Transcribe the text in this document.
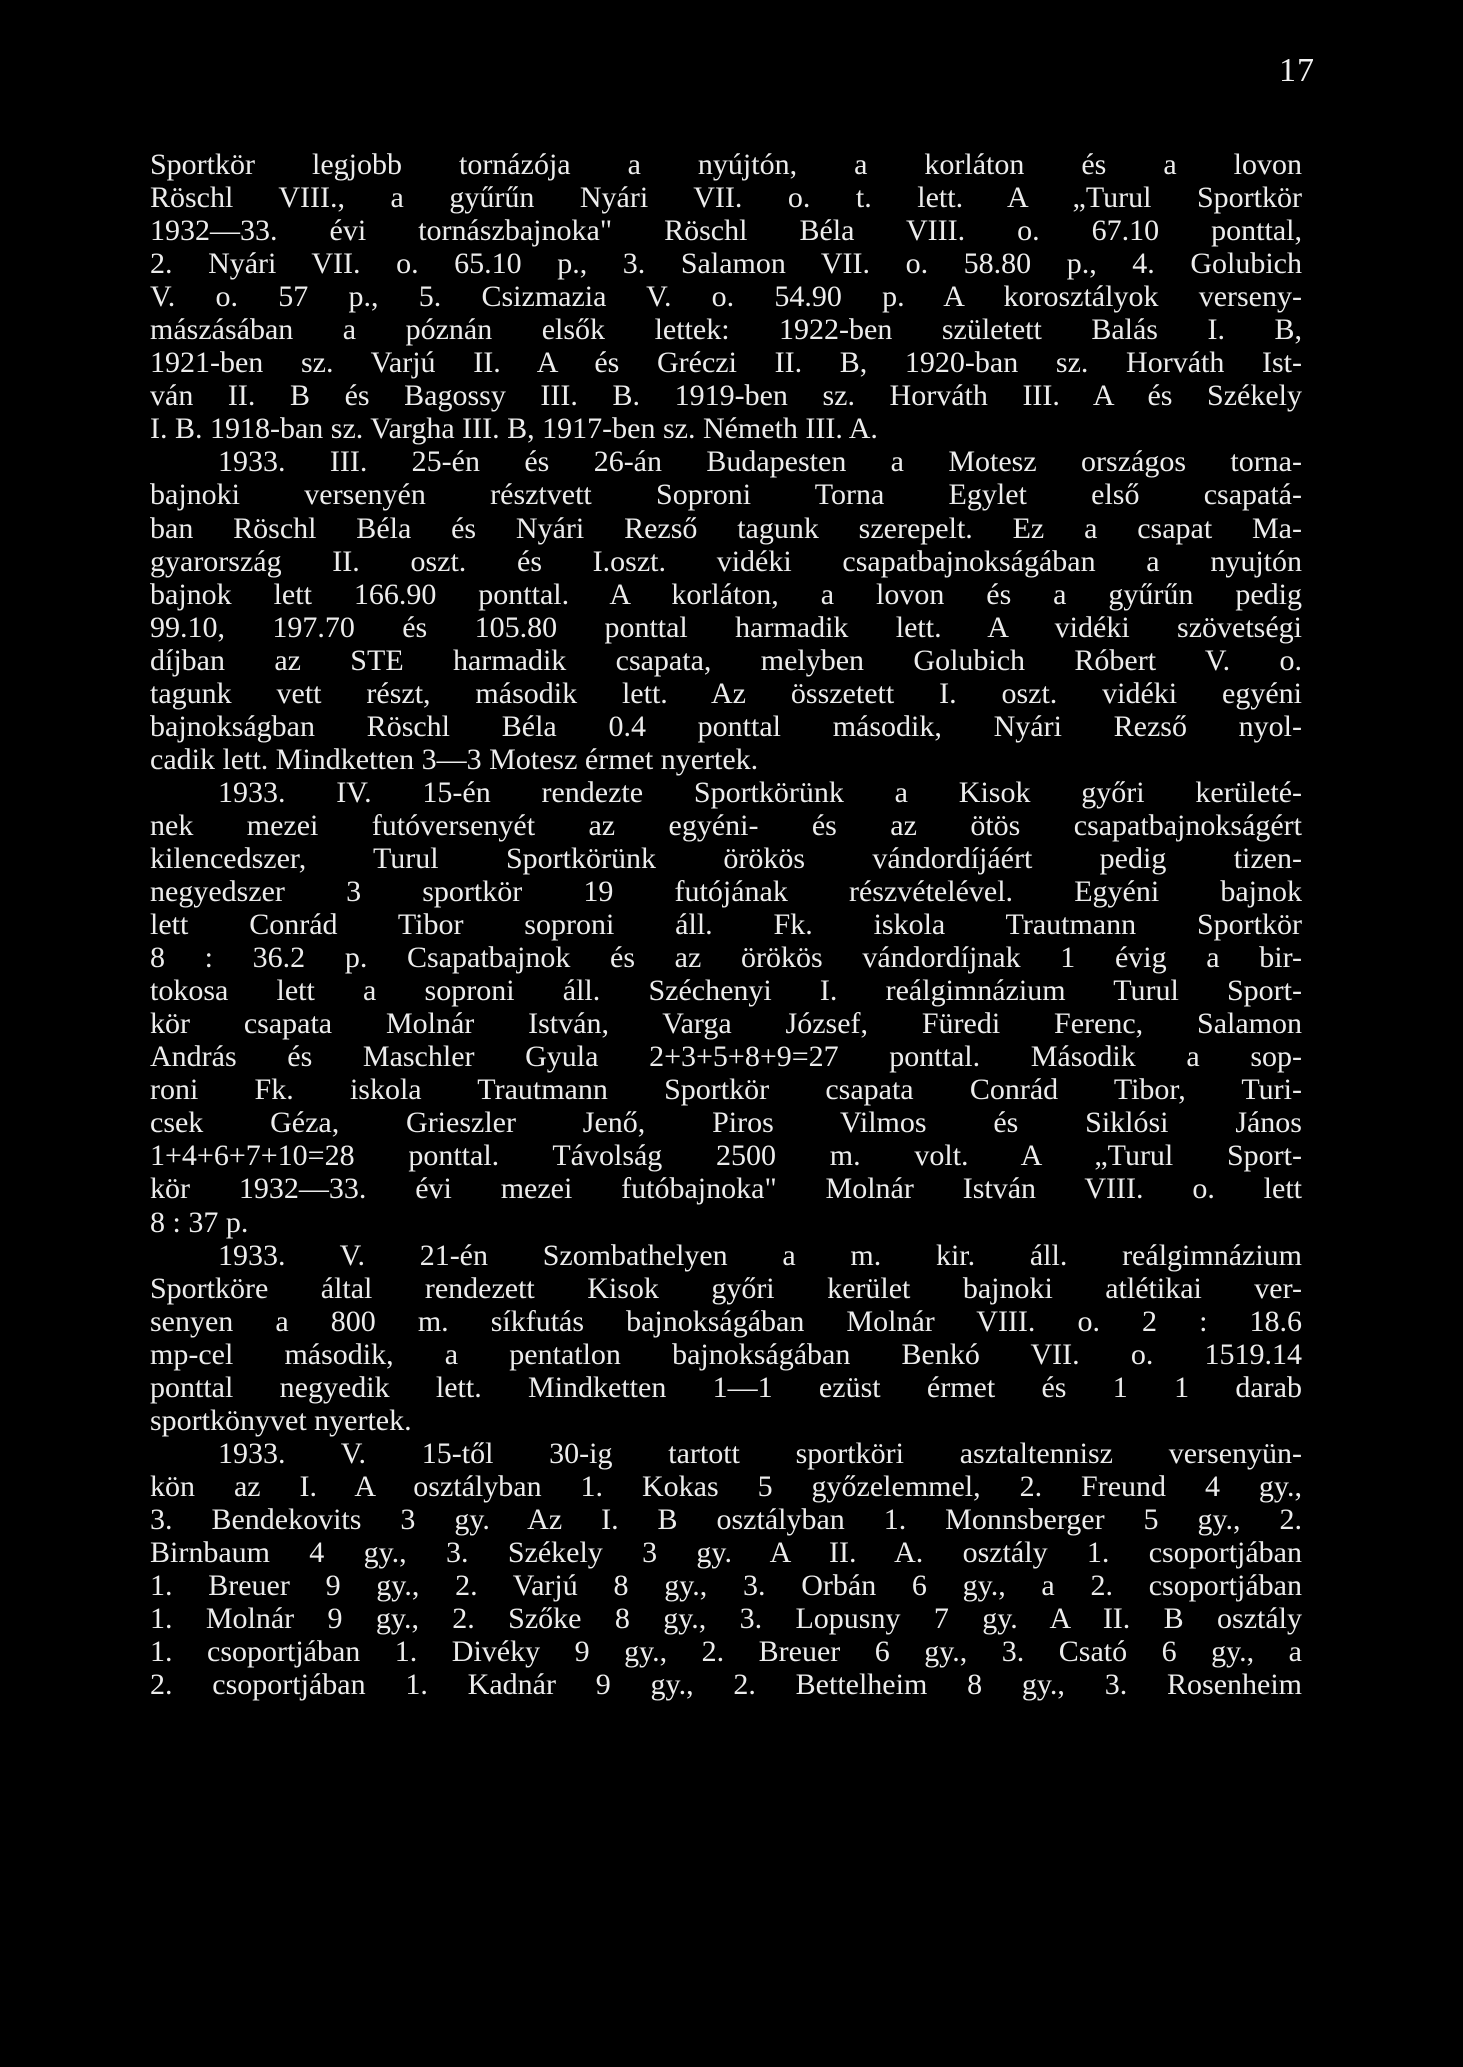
17
Sportkör legjobb tornázója a nyújtón, a korláton és a lovon
Röschl VIII., a gyűrűn Nyári VII. o. t. lett. A „Turul Sportkör
1932—33. évi tornászbajnoka" Röschl Béla VIII. o. 67.10 ponttal,
2. Nyári VII. o. 65.10 p., 3. Salamon VII. o. 58.80 p., 4. Golubich
V. o. 57 p., 5. Csizmazia V. o. 54.90 p. A korosztályok verseny-
mászásában a póznán elsők lettek: 1922-ben született Balás I. B,
1921-ben sz. Varjú II. A és Gréczi II. B, 1920-ban sz. Horváth Ist-
ván II. B és Bagossy III. B. 1919-ben sz. Horváth III. A és Székely
I. B. 1918-ban sz. Vargha III. B, 1917-ben sz. Németh III. A.
1933. III. 25-én és 26-án Budapesten a Motesz országos torna-
bajnoki versenyén résztvett Soproni Torna Egylet első csapatá-
ban Röschl Béla és Nyári Rezső tagunk szerepelt. Ez a csapat Ma-
gyarország II. oszt. és I.oszt. vidéki csapatbajnokságában a nyujtón
bajnok lett 166.90 ponttal. A korláton, a lovon és a gyűrűn pedig
99.10, 197.70 és 105.80 ponttal harmadik lett. A vidéki szövetségi
díjban az STE harmadik csapata, melyben Golubich Róbert V. o.
tagunk vett részt, második lett. Az összetett I. oszt. vidéki egyéni
bajnokságban Röschl Béla 0.4 ponttal második, Nyári Rezső nyol-
cadik lett. Mindketten 3—3 Motesz érmet nyertek.
1933. IV. 15-én rendezte Sportkörünk a Kisok győri kerületé-
nek mezei futóversenyét az egyéni- és az ötös csapatbajnokságért
kilencedszer, Turul Sportkörünk örökös vándordíjáért pedig tizen-
negyedszer 3 sportkör 19 futójának részvételével. Egyéni bajnok
lett Conrád Tibor soproni áll. Fk. iskola Trautmann Sportkör
8 : 36.2 p. Csapatbajnok és az örökös vándordíjnak 1 évig a bir-
tokosa lett a soproni áll. Széchenyi I. reálgimnázium Turul Sport-
kör csapata Molnár István, Varga József, Füredi Ferenc, Salamon
András és Maschler Gyula 2+3+5+8+9=27 ponttal. Második a sop-
roni Fk. iskola Trautmann Sportkör csapata Conrád Tibor, Turi-
csek Géza, Grieszler Jenő, Piros Vilmos és Siklósi János
1+4+6+7+10=28 ponttal. Távolság 2500 m. volt. A „Turul Sport-
kör 1932—33. évi mezei futóbajnoka" Molnár István VIII. o. lett
8 : 37 p.
1933. V. 21-én Szombathelyen a m. kir. áll. reálgimnázium
Sportköre által rendezett Kisok győri kerület bajnoki atlétikai ver-
senyen a 800 m. síkfutás bajnokságában Molnár VIII. o. 2 : 18.6
mp-cel második, a pentatlon bajnokságában Benkó VII. o. 1519.14
ponttal negyedik lett. Mindketten 1—1 ezüst érmet és 1 1 darab
sportkönyvet nyertek.
1933. V. 15-től 30-ig tartott sportköri asztaltennisz versenyün-
kön az I. A osztályban 1. Kokas 5 győzelemmel, 2. Freund 4 gy.,
3. Bendekovits 3 gy. Az I. B osztályban 1. Monnsberger 5 gy., 2.
Birnbaum 4 gy., 3. Székely 3 gy. A II. A. osztály 1. csoportjában
1. Breuer 9 gy., 2. Varjú 8 gy., 3. Orbán 6 gy., a 2. csoportjában
1. Molnár 9 gy., 2. Szőke 8 gy., 3. Lopusny 7 gy. A II. B osztály
1. csoportjában 1. Divéky 9 gy., 2. Breuer 6 gy., 3. Csató 6 gy., a
2. csoportjában 1. Kadnár 9 gy., 2. Bettelheim 8 gy., 3. Rosenheim
